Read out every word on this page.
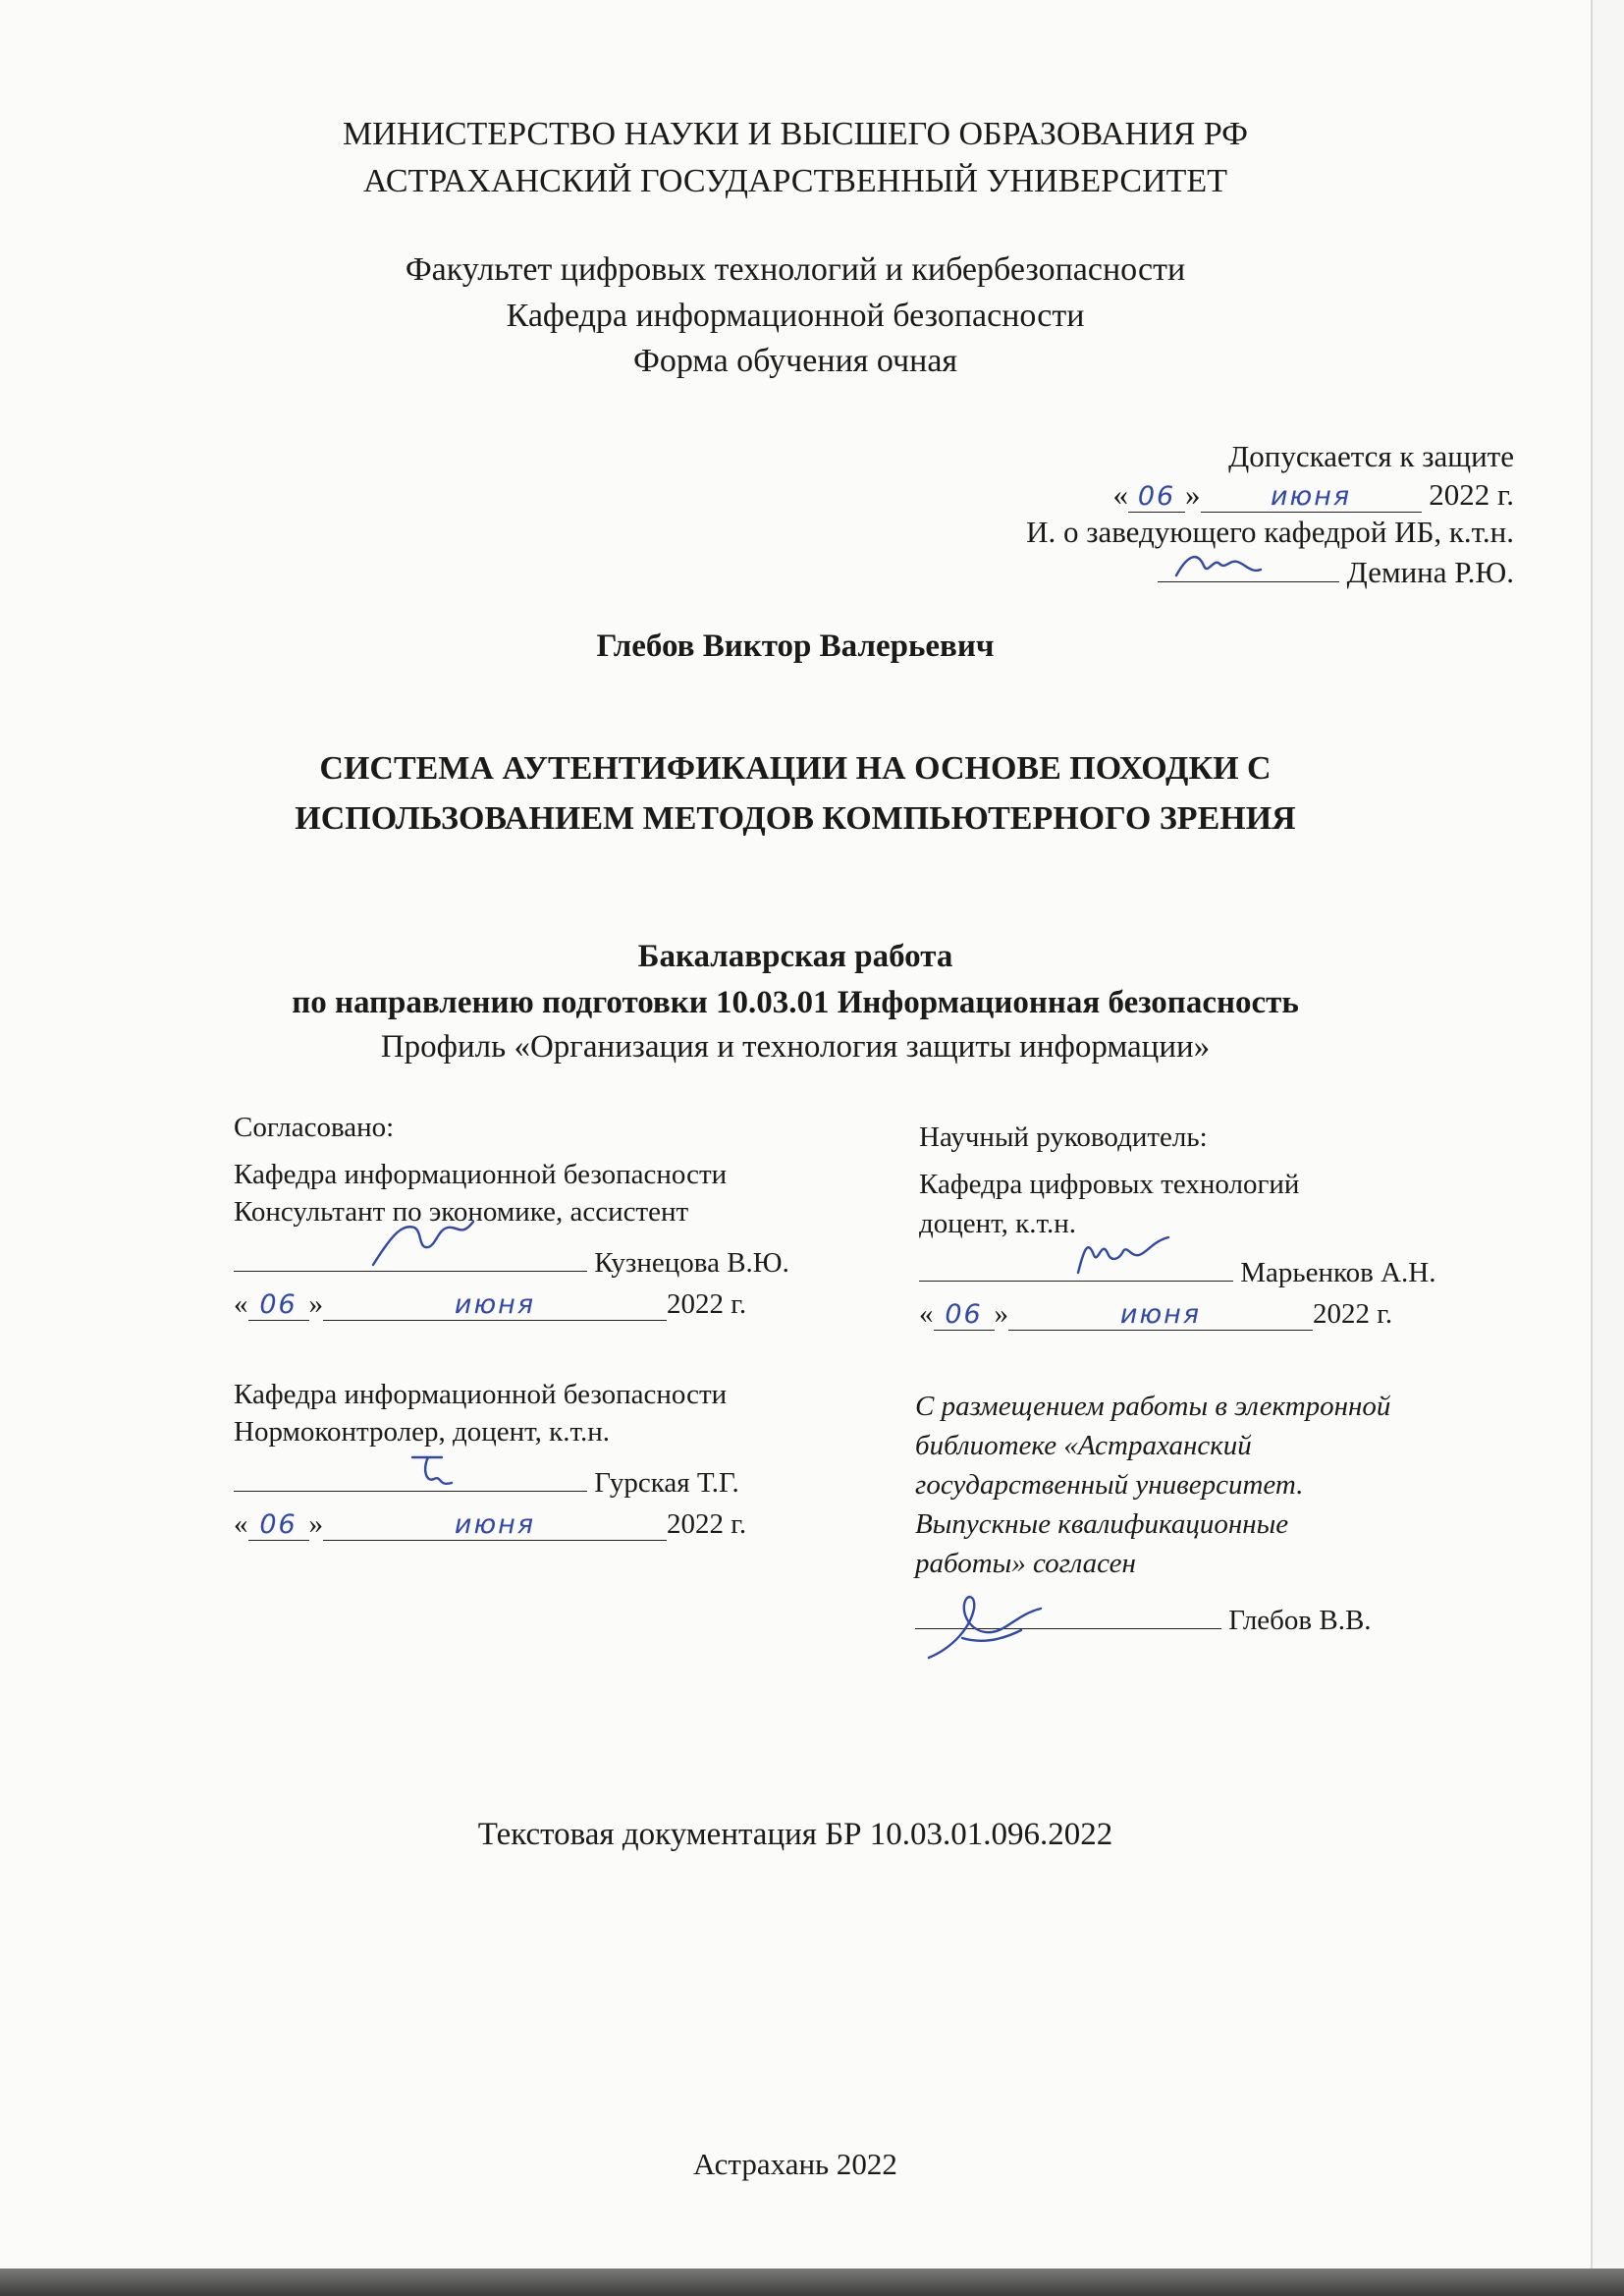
МИНИСТЕРСТВО НАУКИ И ВЫСШЕГО ОБРАЗОВАНИЯ РФ
АСТРАХАНСКИЙ ГОСУДАРСТВЕННЫЙ УНИВЕРСИТЕТ
Факультет цифровых технологий и кибербезопасности
Кафедра информационной безопасности
Форма обучения очная
Допускается к защите
« 06 »	июня	2022 г.
И. о заведующего кафедрой ИБ, к.т.н.
Демина Р.Ю.
Глебов Виктор Валерьевич
СИСТЕМА АУТЕНТИФИКАЦИИ НА ОСНОВЕ ПОХОДКИ С
ИСПОЛЬЗОВАНИЕМ МЕТОДОВ КОМПЬЮТЕРНОГО ЗРЕНИЯ
Бакалаврская работа
по направлению подготовки 10.03.01 Информационная безопасность
Профиль «Организация и технология защиты информации»
Согласовано:
Кафедра информационной безопасности
Консультант по экономике, ассистент
Кузнецова В.Ю.
« 06 »	июня	2022 г.
Кафедра информационной безопасности
Нормоконтролер, доцент, к.т.н.
Гурская Т.Г.
« 06 »	июня	2022 г.
Научный руководитель:
Кафедра цифровых технологий
доцент, к.т.н.
Марьенков А.Н.
« 06 »	июня	2022 г.
С размещением работы в электронной
библиотеке «Астраханский
государственный университет.
Выпускные квалификационные
работы» согласен
Глебов В.В.
Текстовая документация БР 10.03.01.096.2022
Астрахань 2022
